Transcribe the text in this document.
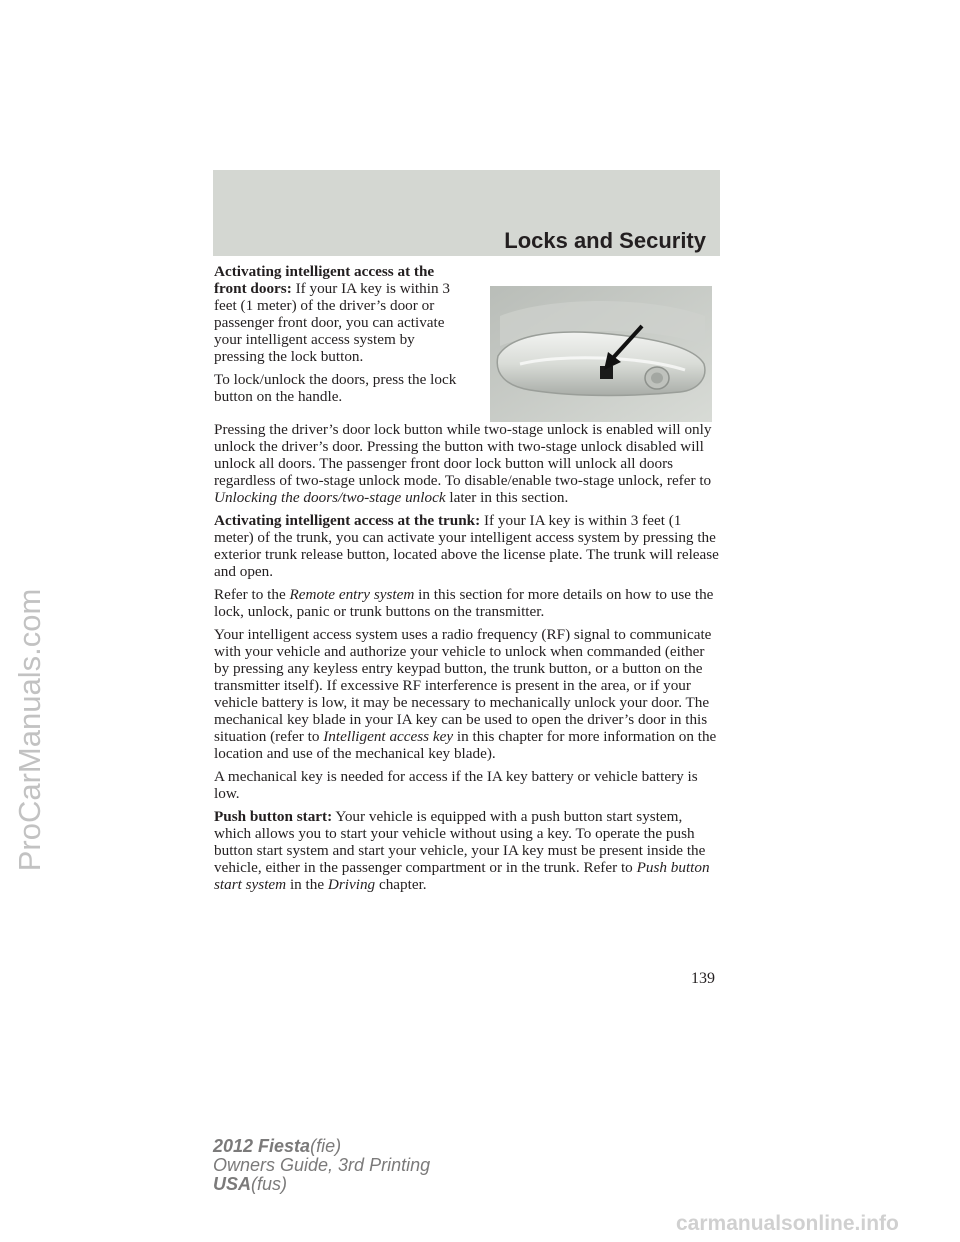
Locks and Security

Activating intelligent access at the front doors: If your IA key is within 3 feet (1 meter) of the driver’s door or passenger front door, you can activate your intelligent access system by pressing the lock button.

To lock/unlock the doors, press the lock button on the handle.

Pressing the driver’s door lock button while two-stage unlock is enabled will only unlock the driver’s door. Pressing the button with two-stage unlock disabled will unlock all doors. The passenger front door lock button will unlock all doors regardless of two-stage unlock mode. To disable/enable two-stage unlock, refer to Unlocking the doors/two-stage unlock later in this section.

Activating intelligent access at the trunk: If your IA key is within 3 feet (1 meter) of the trunk, you can activate your intelligent access system by pressing the exterior trunk release button, located above the license plate. The trunk will release and open.

Refer to the Remote entry system in this section for more details on how to use the lock, unlock, panic or trunk buttons on the transmitter.

Your intelligent access system uses a radio frequency (RF) signal to communicate with your vehicle and authorize your vehicle to unlock when commanded (either by pressing any keyless entry keypad button, the trunk button, or a button on the transmitter itself). If excessive RF interference is present in the area, or if your vehicle battery is low, it may be necessary to mechanically unlock your door. The mechanical key blade in your IA key can be used to open the driver’s door in this situation (refer to Intelligent access key in this chapter for more information on the location and use of the mechanical key blade).

A mechanical key is needed for access if the IA key battery or vehicle battery is low.

Push button start: Your vehicle is equipped with a push button start system, which allows you to start your vehicle without using a key. To operate the push button start system and start your vehicle, your IA key must be present inside the vehicle, either in the passenger compartment or in the trunk. Refer to Push button start system in the Driving chapter.

139
2012 Fiesta(fie)
Owners Guide, 3rd Printing
USA(fus)
ProCarManuals.com
carmanualsonline.info
